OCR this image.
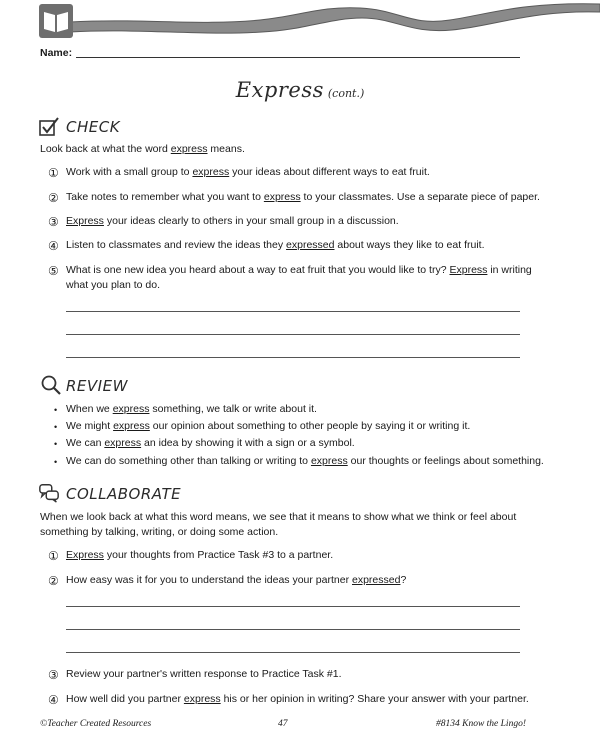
Name:
Express (cont.)
CHECK
Look back at what the word express means.
① Work with a small group to express your ideas about different ways to eat fruit.
② Take notes to remember what you want to express to your classmates. Use a separate piece of paper.
③ Express your ideas clearly to others in your small group in a discussion.
④ Listen to classmates and review the ideas they expressed about ways they like to eat fruit.
⑤ What is one new idea you heard about a way to eat fruit that you would like to try? Express in writing
what you plan to do.
REVIEW
• When we express something, we talk or write about it.
• We might express our opinion about something to other people by saying it or writing it.
• We can express an idea by showing it with a sign or a symbol.
• We can do something other than talking or writing to express our thoughts or feelings about something.
COLLABORATE
When we look back at what this word means, we see that it means to show what we think or feel about
something by talking, writing, or doing some action.
① Express your thoughts from Practice Task #3 to a partner.
② How easy was it for you to understand the ideas your partner expressed?
③ Review your partner's written response to Practice Task #1.
④ How well did you partner express his or her opinion in writing? Share your answer with your partner.
©Teacher Created Resources	47	#8134 Know the Lingo!
